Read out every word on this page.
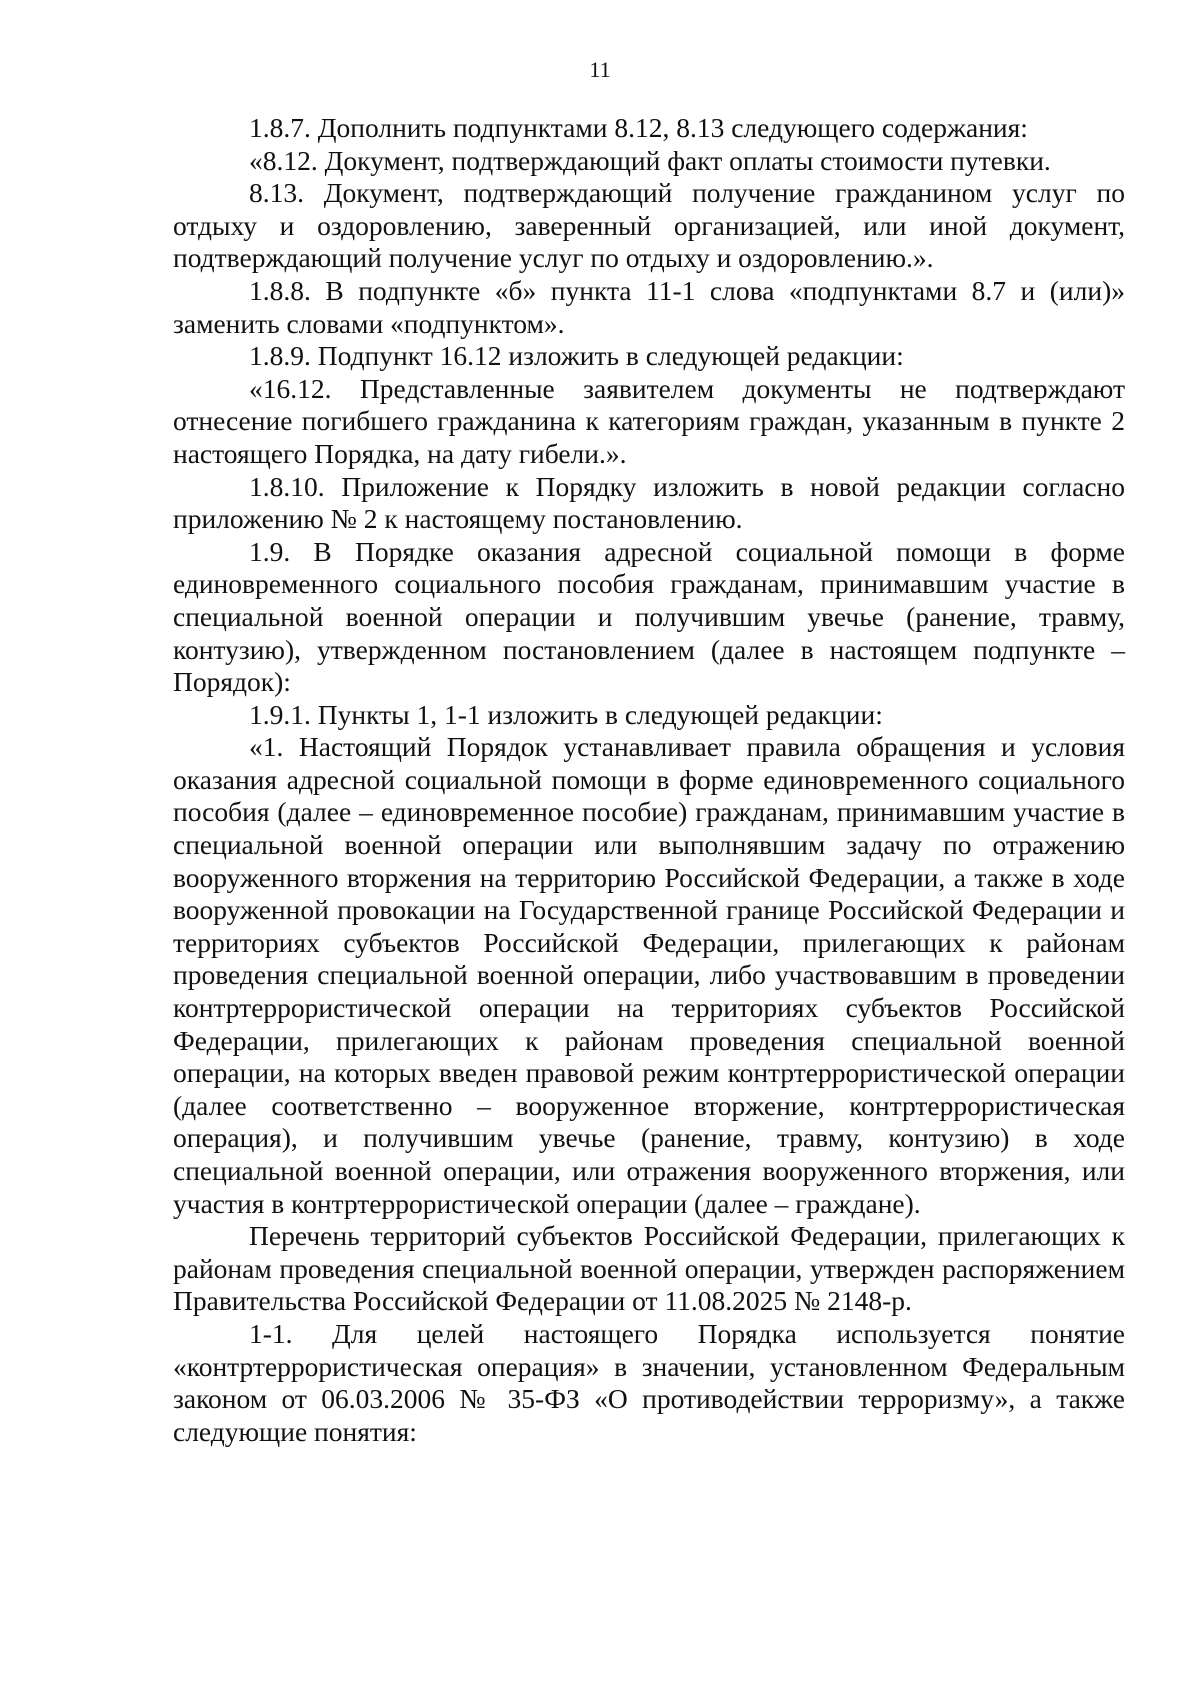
11

1.8.7. Дополнить подпунктами 8.12, 8.13 следующего содержания:

«8.12. Документ, подтверждающий факт оплаты стоимости путевки.

8.13. Документ, подтверждающий получение гражданином услуг по отдыху и оздоровлению, заверенный организацией, или иной документ, подтверждающий получение услуг по отдыху и оздоровлению.».

1.8.8. В подпункте «б» пункта 11-1 слова «подпунктами 8.7 и (или)» заменить словами «подпунктом».

1.8.9. Подпункт 16.12 изложить в следующей редакции:

«16.12. Представленные заявителем документы не подтверждают отнесение погибшего гражданина к категориям граждан, указанным в пункте 2 настоящего Порядка, на дату гибели.».

1.8.10. Приложение к Порядку изложить в новой редакции согласно приложению № 2 к настоящему постановлению.

1.9. В Порядке оказания адресной социальной помощи в форме единовременного социального пособия гражданам, принимавшим участие в специальной военной операции и получившим увечье (ранение, травму, контузию), утвержденном постановлением (далее в настоящем подпункте – Порядок):

1.9.1. Пункты 1, 1-1 изложить в следующей редакции:

«1. Настоящий Порядок устанавливает правила обращения и условия оказания адресной социальной помощи в форме единовременного социального пособия (далее – единовременное пособие) гражданам, принимавшим участие в специальной военной операции или выполнявшим задачу по отражению вооруженного вторжения на территорию Российской Федерации, а также в ходе вооруженной провокации на Государственной границе Российской Федерации и территориях субъектов Российской Федерации, прилегающих к районам проведения специальной военной операции, либо участвовавшим в проведении контртеррористической операции на территориях субъектов Российской Федерации, прилегающих к районам проведения специальной военной операции, на которых введен правовой режим контртеррористической операции (далее соответственно – вооруженное вторжение, контртеррористическая операция), и получившим увечье (ранение, травму, контузию) в ходе специальной военной операции, или отражения вооруженного вторжения, или участия в контртеррористической операции (далее – граждане).

Перечень территорий субъектов Российской Федерации, прилегающих к районам проведения специальной военной операции, утвержден распоряжением Правительства Российской Федерации от 11.08.2025 № 2148-р.

1-1. Для целей настоящего Порядка используется понятие «контртеррористическая операция» в значении, установленном Федеральным законом от 06.03.2006 № 35-ФЗ «О противодействии терроризму», а также следующие понятия:
